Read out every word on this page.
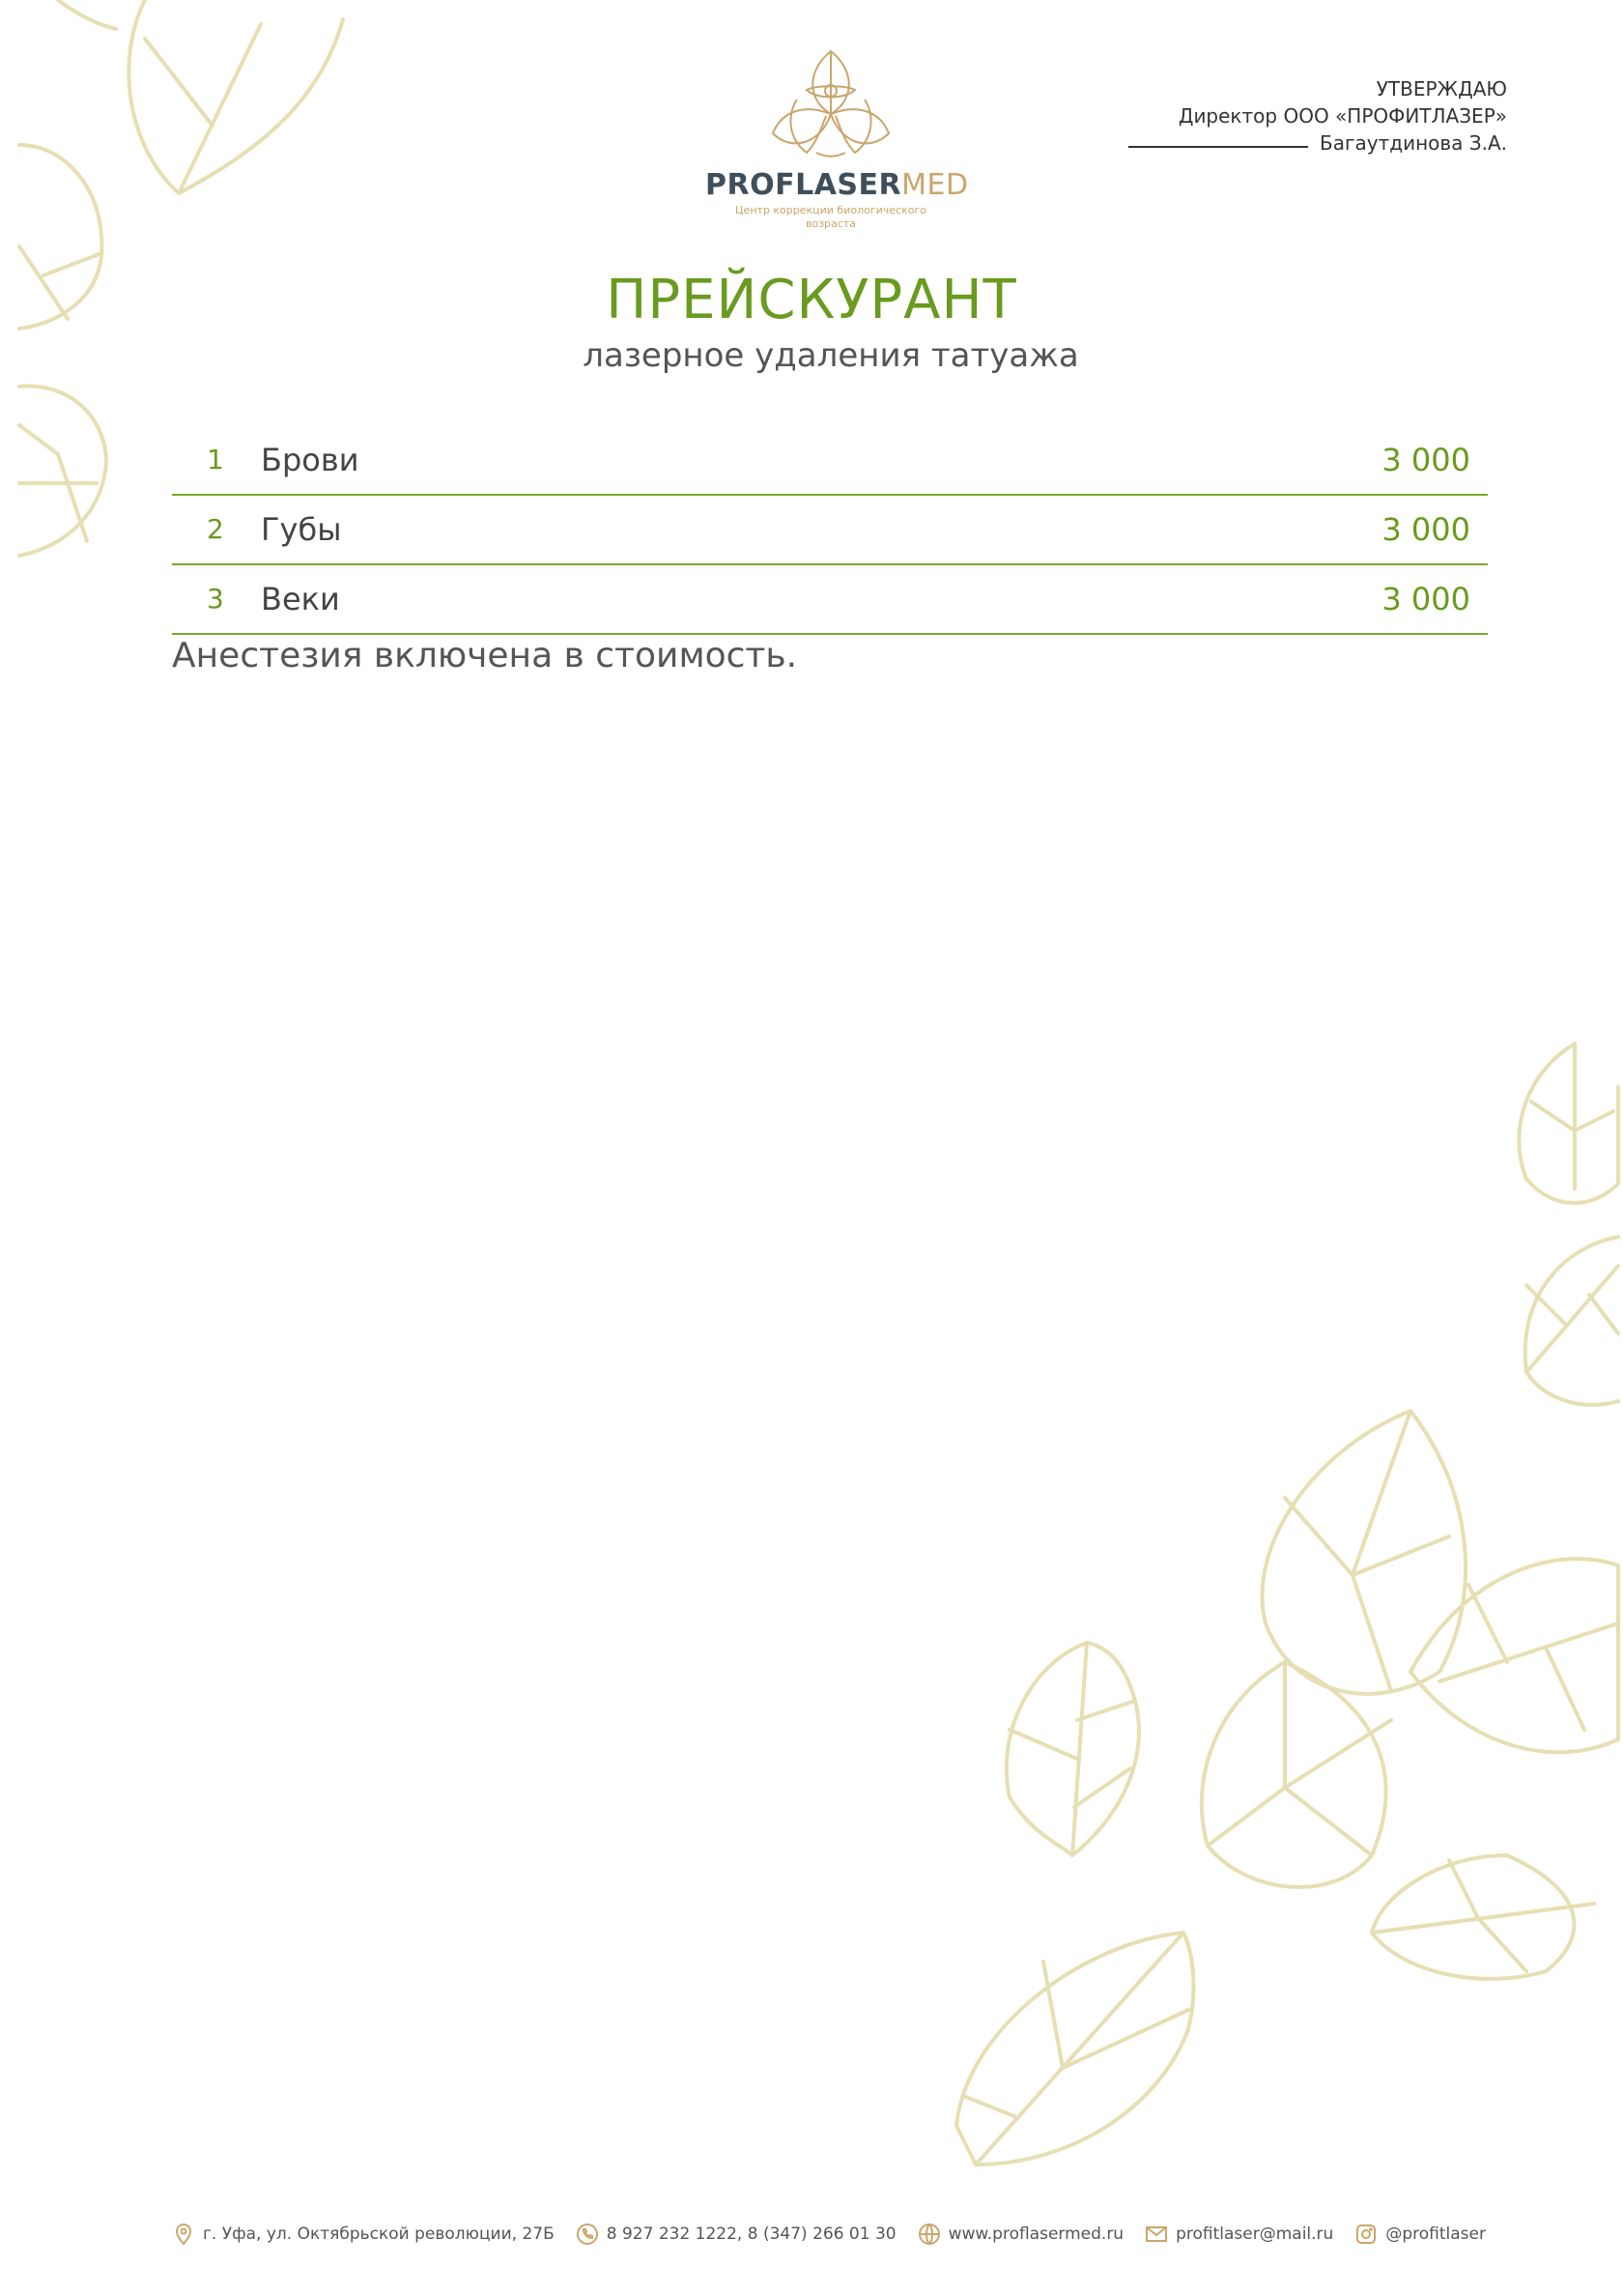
УТВЕРЖДАЮ
Директор ООО «ПРОФИТЛАЗЕР»
Багаутдинова З.А.
PROFLASERMED
Центр коррекции биологического возраста
ПРЕЙСКУРАНТ
лазерное удаления татуажа
1 Брови	3 000
2 Губы	3 000
3 Веки	3 000
Анестезия включена в стоимость.
г. Уфа, ул. Октябрьской революции, 27Б	8 927 232 1222, 8 (347) 266 01 30	www.proflasermed.ru	profitlaser@mail.ru	@profitlaser
